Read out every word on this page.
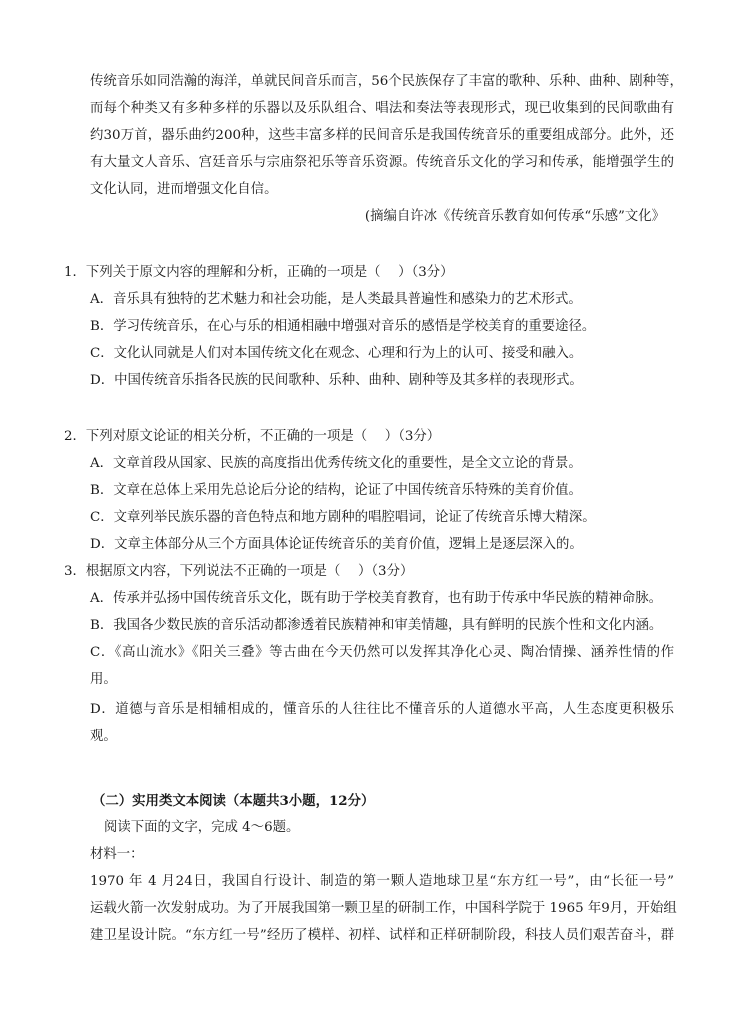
传统音乐如同浩瀚的海洋，单就民间音乐而言，56个民族保存了丰富的歌种、乐种、曲种、剧种等，
而每个种类又有多种多样的乐器以及乐队组合、唱法和奏法等表现形式，现已收集到的民间歌曲有
约30万首，器乐曲约200种，这些丰富多样的民间音乐是我国传统音乐的重要组成部分。此外，还
有大量文人音乐、宫廷音乐与宗庙祭祀乐等音乐资源。传统音乐文化的学习和传承，能增强学生的
文化认同，进而增强文化自信。
(摘编自许冰《传统音乐教育如何传承“乐感”文化》
1．下列关于原文内容的理解和分析，正确的一项是（　 ）（3分）
A．音乐具有独特的艺术魅力和社会功能，是人类最具普遍性和感染力的艺术形式。
B．学习传统音乐，在心与乐的相通相融中增强对音乐的感悟是学校美育的重要途径。
C．文化认同就是人们对本国传统文化在观念、心理和行为上的认可、接受和融入。
D．中国传统音乐指各民族的民间歌种、乐种、曲种、剧种等及其多样的表现形式。
2．下列对原文论证的相关分析，不正确的一项是（　 ）（3分）
A．文章首段从国家、民族的高度指出优秀传统文化的重要性，是全文立论的背景。
B．文章在总体上采用先总论后分论的结构，论证了中国传统音乐特殊的美育价值。
C．文章列举民族乐器的音色特点和地方剧种的唱腔唱词，论证了传统音乐博大精深。
D．文章主体部分从三个方面具体论证传统音乐的美育价值，逻辑上是逐层深入的。
3．根据原文内容，下列说法不正确的一项是（　 ）（3分）
A．传承并弘扬中国传统音乐文化，既有助于学校美育教育，也有助于传承中华民族的精神命脉。
B．我国各少数民族的音乐活动都渗透着民族精神和审美情趣，具有鲜明的民族个性和文化内涵。
C．《高山流水》《阳关三叠》等古曲在今天仍然可以发挥其净化心灵、陶冶情操、涵养性情的作
用。
D．道德与音乐是相辅相成的，懂音乐的人往往比不懂音乐的人道德水平高，人生态度更积极乐
观。
（二）实用类文本阅读（本题共3小题，12分）
阅读下面的文字，完成 4～6题。
材料一：
1970 年 4 月24日，我国自行设计、制造的第一颗人造地球卫星“东方红一号”，由“长征一号”
运载火箭一次发射成功。为了开展我国第一颗卫星的研制工作，中国科学院于 1965 年9月，开始组
建卫星设计院。“东方红一号”经历了模样、初样、试样和正样研制阶段，科技人员们艰苦奋斗，群
